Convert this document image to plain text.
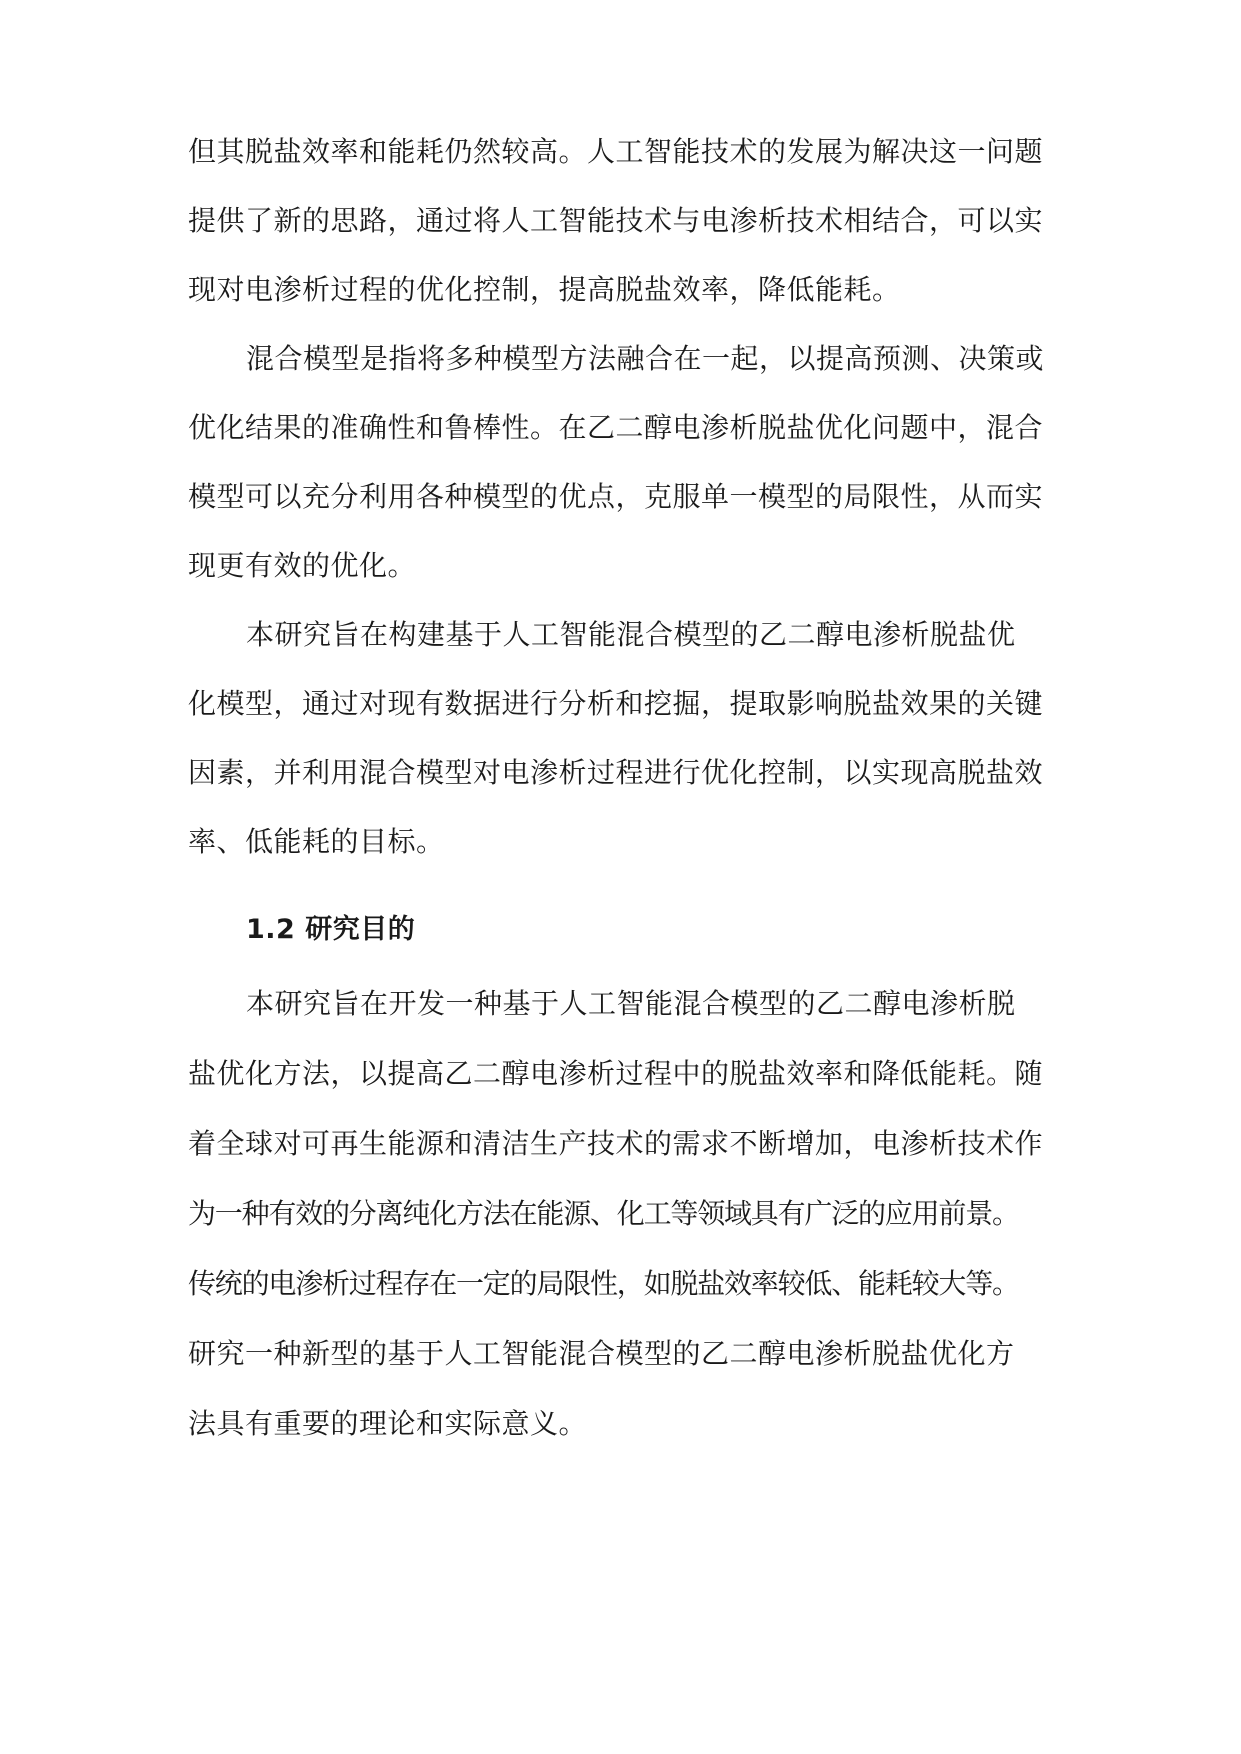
但其脱盐效率和能耗仍然较高。人工智能技术的发展为解决这一问题

提供了新的思路，通过将人工智能技术与电渗析技术相结合，可以实

现对电渗析过程的优化控制，提高脱盐效率，降低能耗。

混合模型是指将多种模型方法融合在一起，以提高预测、决策或

优化结果的准确性和鲁棒性。在乙二醇电渗析脱盐优化问题中，混合

模型可以充分利用各种模型的优点，克服单一模型的局限性，从而实

现更有效的优化。

本研究旨在构建基于人工智能混合模型的乙二醇电渗析脱盐优

化模型，通过对现有数据进行分析和挖掘，提取影响脱盐效果的关键

因素，并利用混合模型对电渗析过程进行优化控制，以实现高脱盐效

率、低能耗的目标。

1.2 研究目的

本研究旨在开发一种基于人工智能混合模型的乙二醇电渗析脱

盐优化方法，以提高乙二醇电渗析过程中的脱盐效率和降低能耗。随

着全球对可再生能源和清洁生产技术的需求不断增加，电渗析技术作

为一种有效的分离纯化方法在能源、化工等领域具有广泛的应用前景。

传统的电渗析过程存在一定的局限性，如脱盐效率较低、能耗较大等。

研究一种新型的基于人工智能混合模型的乙二醇电渗析脱盐优化方

法具有重要的理论和实际意义。
